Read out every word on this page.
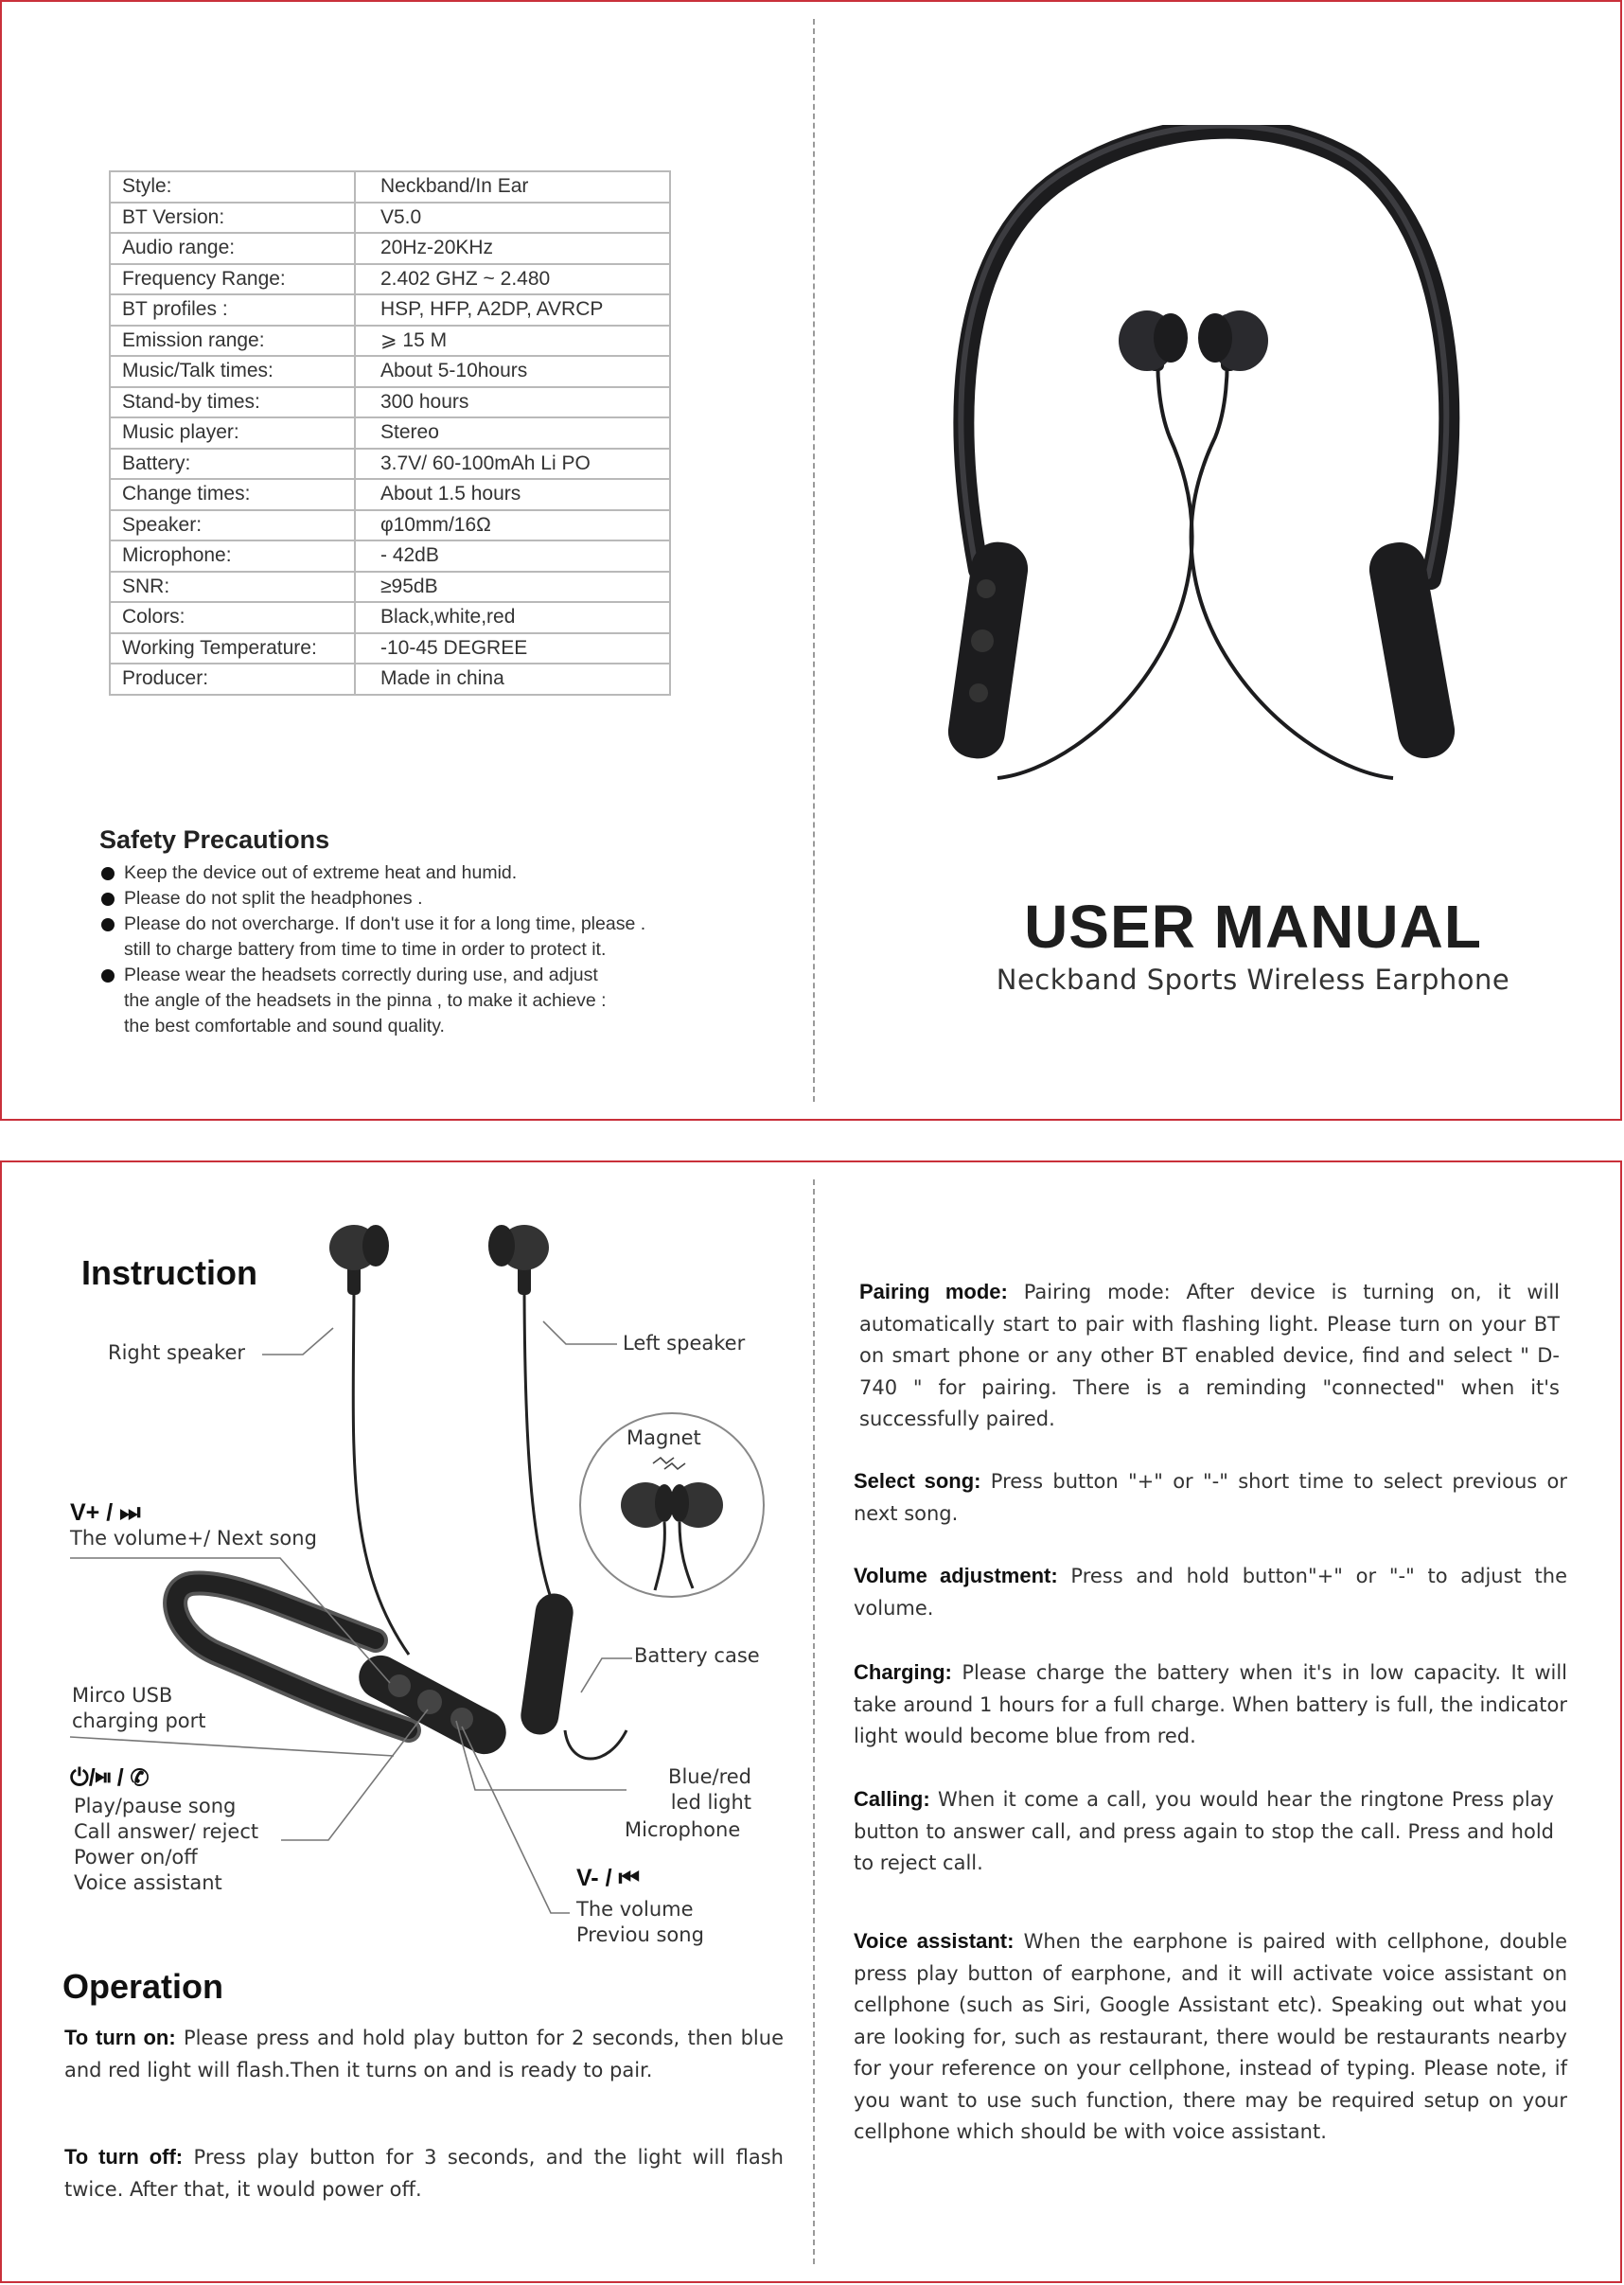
Style:	Neckband/In Ear
BT Version:	V5.0
Audio range:	20Hz-20KHz
Frequency Range:	2.402 GHZ ~ 2.480
BT profiles :	HSP, HFP, A2DP, AVRCP
Emission range:	⩾ 15 M
Music/Talk times:	About 5-10hours
Stand-by times:	300 hours
Music player:	Stereo
Battery:	3.7V/ 60-100mAh Li PO
Change times:	About 1.5 hours
Speaker:	φ10mm/16Ω
Microphone:	- 42dB
SNR:	≥95dB
Colors:	Black,white,red
Working Temperature:	-10-45 DEGREE
Producer:	Made in china
Safety Precautions
Keep the device out of extreme heat and humid.
Please do not split the headphones .
Please do not overcharge. If don't use it for a long time, please .
still to charge battery from time to time in order to protect it.
Please wear the headsets correctly during use, and adjust
the angle of the headsets in the pinna , to make it achieve :
the best comfortable and sound quality.
USER MANUAL
Neckband Sports Wireless Earphone
Instruction
Right speaker	Left speaker
Magnet
V+ / ⏭
The volume+/ Next song
Battery case
Mirco USB
charging port
⏻/⏯ / ✆
Play/pause song
Call answer/ reject
Power on/off
Voice assistant
Blue/red
led light
Microphone
V- / ⏮
The volume
Previou song
Operation
To turn on: Please press and hold play button for 2 seconds, then blue and red light will flash.Then it turns on and is ready to pair.
To turn off: Press play button for 3 seconds, and the light will flash twice. After that, it would power off.
Pairing mode: Pairing mode: After device is turning on, it will automatically start to pair with flashing light. Please turn on your BT on smart phone or any other BT enabled device, find and select " D-740 " for pairing. There is a reminding "connected" when it's successfully paired.
Select song: Press button "+" or "-" short time to select previous or next song.
Volume adjustment: Press and hold button"+" or "-" to adjust the volume.
Charging: Please charge the battery when it's in low capacity. It will take around 1 hours for a full charge. When battery is full, the indicator light would become blue from red.
Calling: When it come a call, you would hear the ringtone Press play button to answer call, and press again to stop the call. Press and hold to reject call.
Voice assistant: When the earphone is paired with cellphone, double press play button of earphone, and it will activate voice assistant on cellphone (such as Siri, Google Assistant etc). Speaking out what you are looking for, such as restaurant, there would be restaurants nearby for your reference on your cellphone, instead of typing. Please note, if you want to use such function, there may be required setup on your cellphone which should be with voice assistant.
